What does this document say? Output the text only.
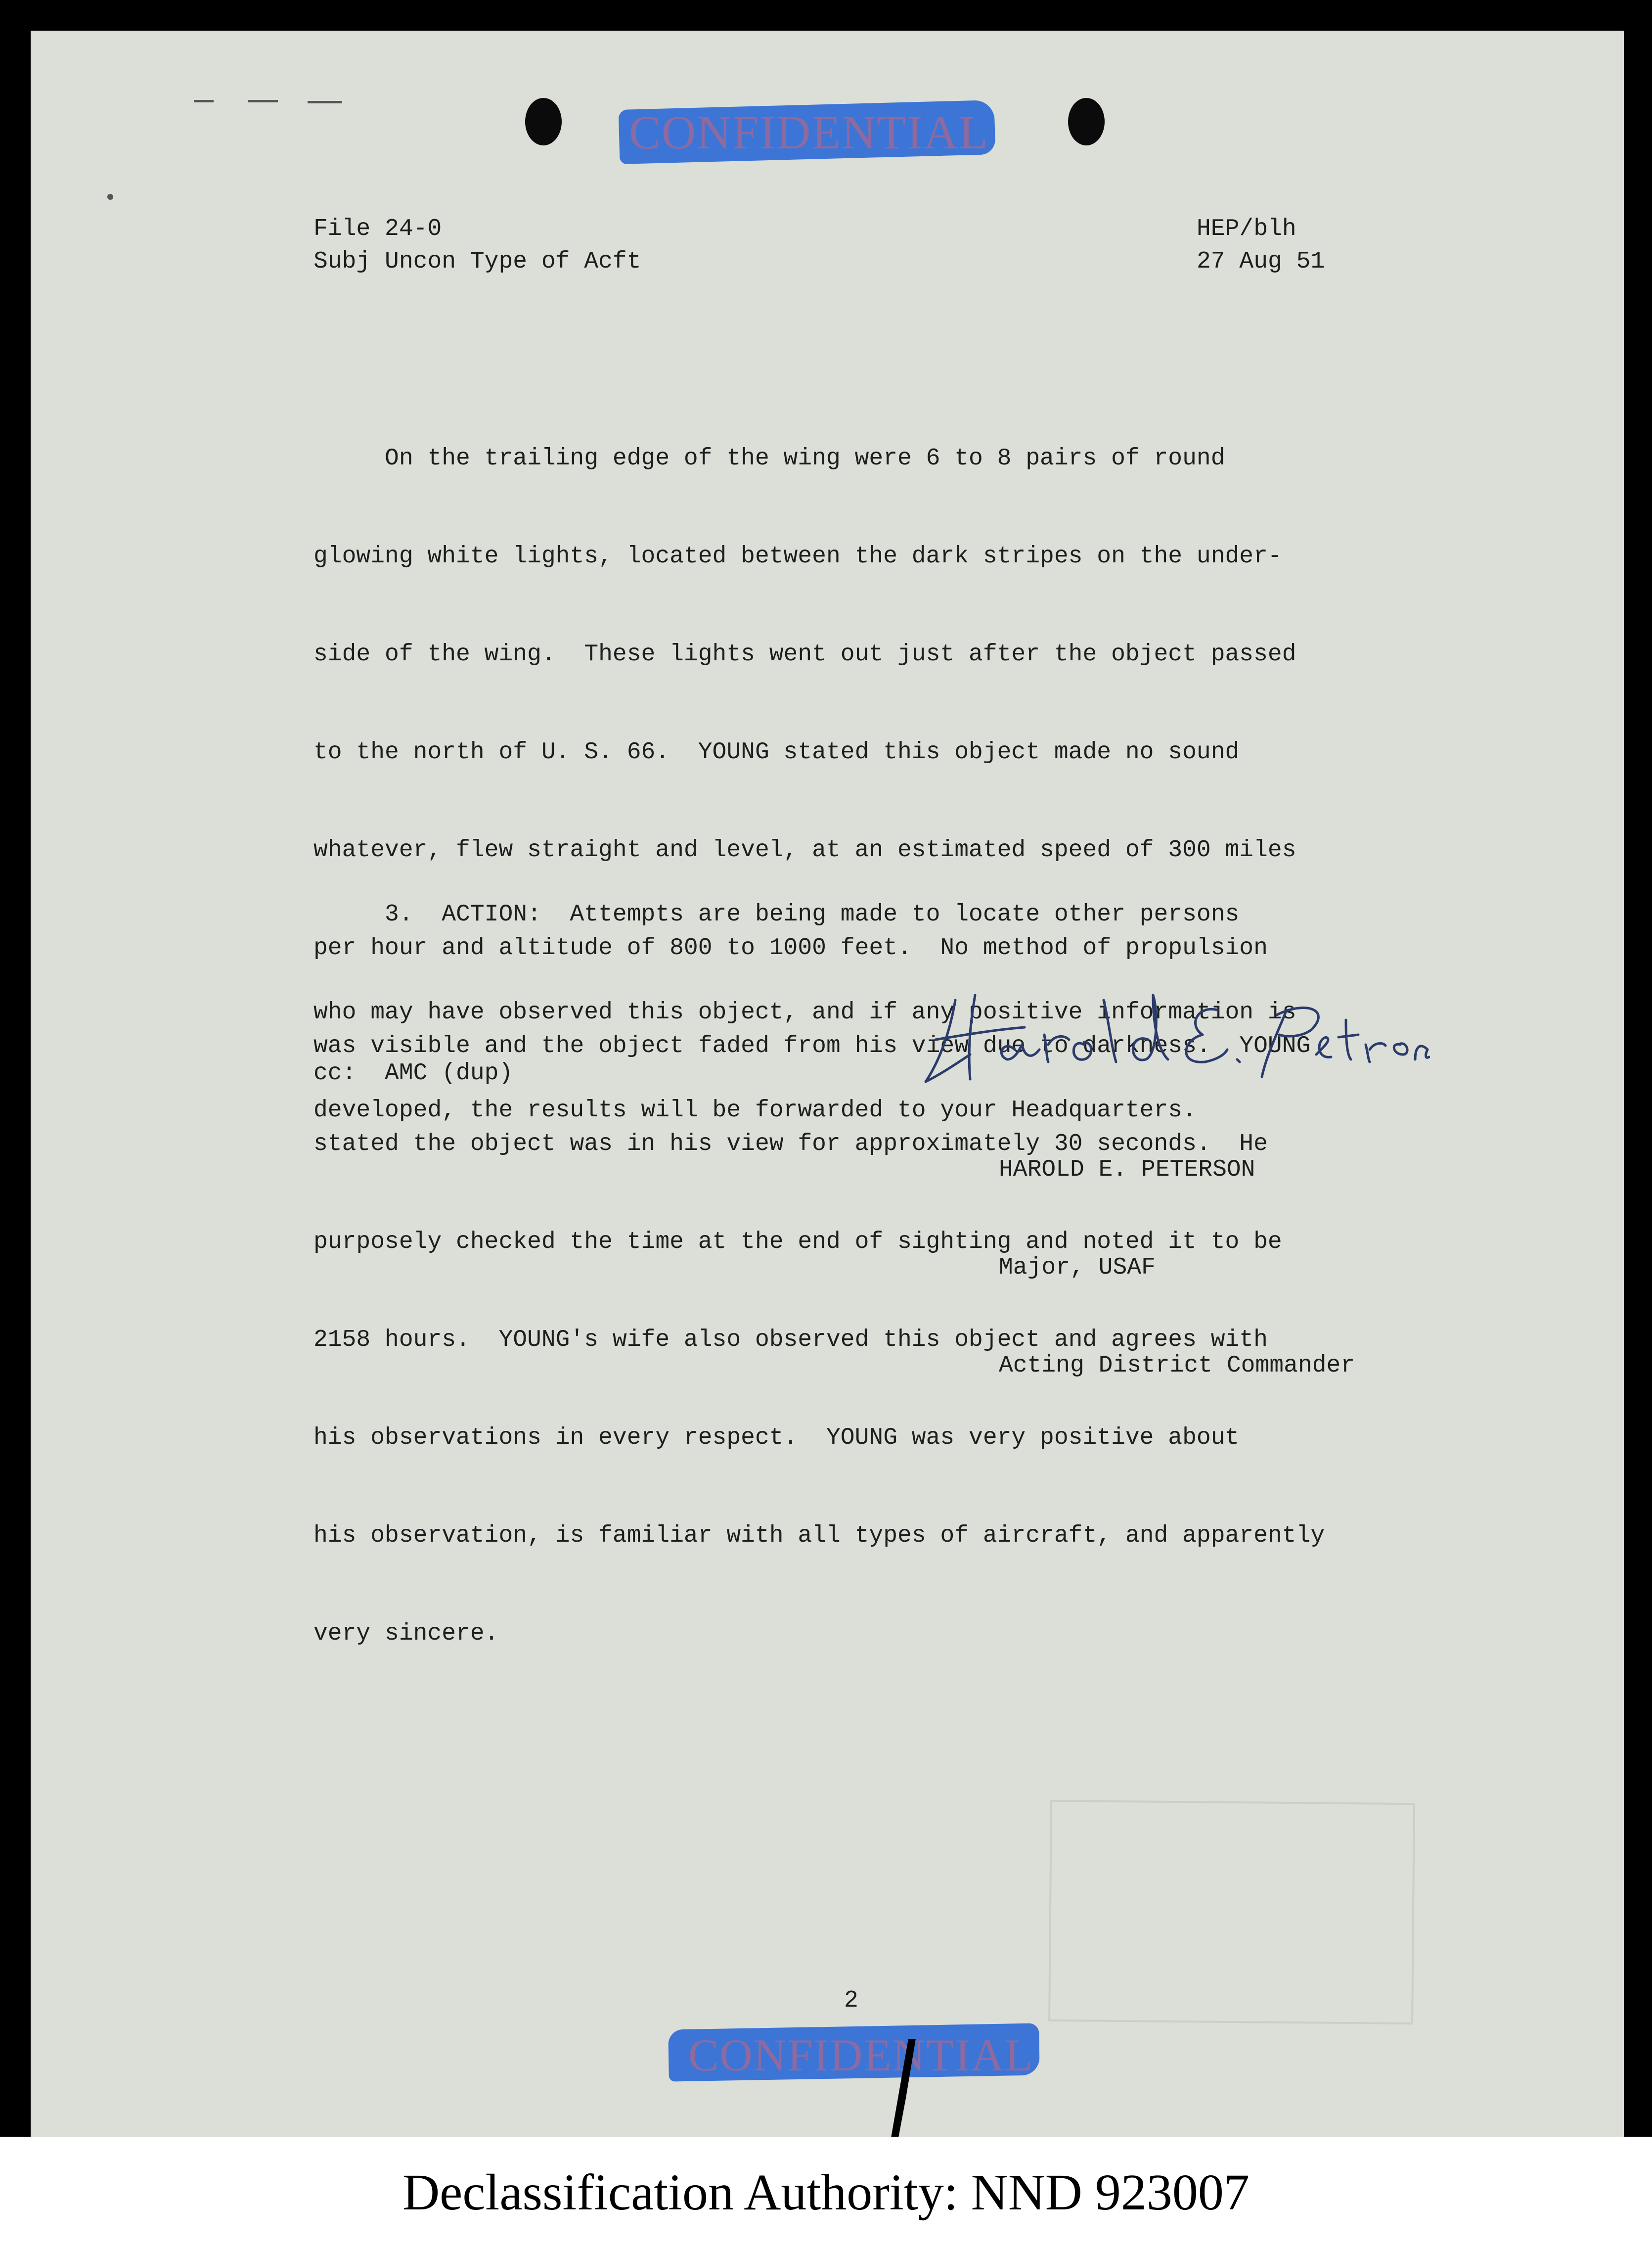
CONFIDENTIAL
File 24-0
Subj Uncon Type of Acft
HEP/blh
27 Aug 51

On the trailing edge of the wing were 6 to 8 pairs of round

glowing white lights, located between the dark stripes on the under-

side of the wing.  These lights went out just after the object passed

to the north of U. S. 66.  YOUNG stated this object made no sound

whatever, flew straight and level, at an estimated speed of 300 miles

per hour and altitude of 800 to 1000 feet.  No method of propulsion

was visible and the object faded from his view due to darkness.  YOUNG

stated the object was in his view for approximately 30 seconds.  He

purposely checked the time at the end of sighting and noted it to be

2158 hours.  YOUNG's wife also observed this object and agrees with

his observations in every respect.  YOUNG was very positive about

his observation, is familiar with all types of aircraft, and apparently

very sincere.

3.  ACTION:  Attempts are being made to locate other persons

who may have observed this object, and if any positive information is

developed, the results will be forwarded to your Headquarters.

cc:  AMC (dup)

HAROLD E. PETERSON

Major, USAF

Acting District Commander

2
CONFIDENTIAL
Declassification Authority: NND 923007
